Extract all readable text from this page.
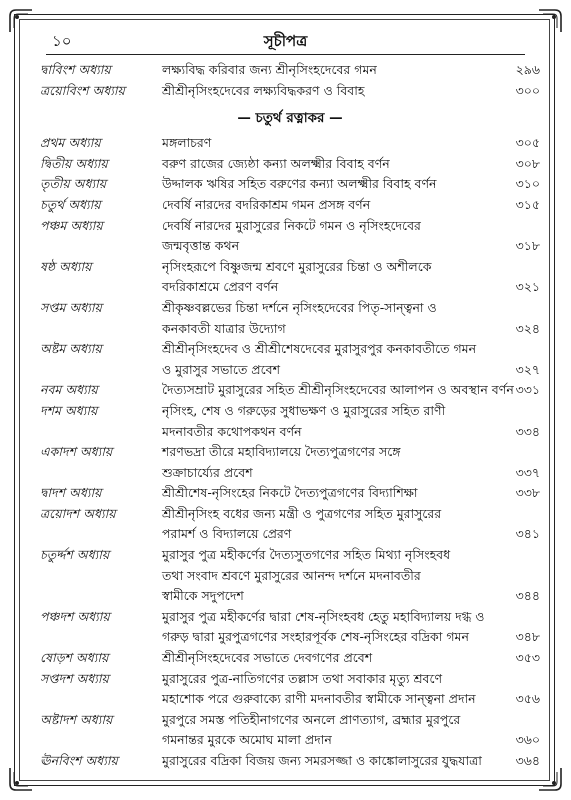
১০	সূচীপত্র
দ্বাবিংশ অধ্যায়	লক্ষ্যবিদ্ধ করিবার জন্য শ্রীনৃসিংহদেবের গমন	২৯৬
ত্রয়োবিংশ অধ্যায়	শ্রীশ্রীনৃসিংহদেবের লক্ষ্যবিদ্ধকরণ ও বিবাহ	৩০০
— চতুর্থ রত্নাকর —
প্রথম অধ্যায়	মঙ্গলাচরণ	৩০৫
দ্বিতীয় অধ্যায়	বরুণ রাজের জ্যেষ্ঠা কন্যা অলক্ষ্মীর বিবাহ বর্ণন	৩০৮
তৃতীয় অধ্যায়	উদ্দালক ঋষির সহিত বরুণের কন্যা অলক্ষ্মীর বিবাহ বর্ণন	৩১০
চতুর্থ অধ্যায়	দেবর্ষি নারদের বদরিকাশ্রম গমন প্রসঙ্গ বর্ণন	৩১৫
পঞ্চম অধ্যায়	দেবর্ষি নারদের মুরাসুরের নিকটে গমন ও নৃসিংহদেবের
জন্মবৃত্তান্ত কথন	৩১৮
ষষ্ঠ অধ্যায়	নৃসিংহরূপে বিষ্ণুজন্ম শ্রবণে মুরাসুরের চিন্তা ও অশীলকে
বদরিকাশ্রমে প্রেরণ বর্ণন	৩২১
সপ্তম অধ্যায়	শ্রীকৃষ্ণবল্লভের চিন্তা দর্শনে নৃসিংহদেবের পিতৃ-সান্ত্বনা ও
কনকাবতী যাত্রার উদ্যোগ	৩২৪
অষ্টম অধ্যায়	শ্রীশ্রীনৃসিংহদেব ও শ্রীশ্রীশেষদেবের মুরাসুরপুর কনকাবতীতে গমন
ও মুরাসুর সভাতে প্রবেশ	৩২৭
নবম অধ্যায়	দৈত্যসম্রাট মুরাসুরের সহিত শ্রীশ্রীনৃসিংহদেবের আলাপন ও অবস্থান বর্ণন ৩৩১
দশম অধ্যায়	নৃসিংহ, শেষ ও গরুড়ের সুধাভক্ষণ ও মুরাসুরের সহিত রাণী
মদনাবতীর কথোপকথন বর্ণন	৩৩৪
একাদশ অধ্যায়	শরণভদ্রা তীরে মহাবিদ্যালয়ে দৈত্যপুত্রগণের সঙ্গে
শুক্রাচার্য্যের প্রবেশ	৩৩৭
দ্বাদশ অধ্যায়	শ্রীশ্রীশেষ-নৃসিংহের নিকটে দৈত্যপুত্রগণের বিদ্যাশিক্ষা	৩৩৮
ত্রয়োদশ অধ্যায়	শ্রীশ্রীনৃসিংহ বধের জন্য মন্ত্রী ও পুত্রগণের সহিত মুরাসুরের
পরামর্শ ও বিদ্যালয়ে প্রেরণ	৩৪১
চতুর্দ্দশ অধ্যায়	মুরাসুর পুত্র মহীকর্ণের দৈত্যসুতগণের সহিত মিথ্যা নৃসিংহবধ
তথা সংবাদ শ্রবণে মুরাসুরের আনন্দ দর্শনে মদনাবতীর
স্বামীকে সদুপদেশ	৩৪৪
পঞ্চদশ অধ্যায়	মুরাসুর পুত্র মহীকর্ণের দ্বারা শেষ-নৃসিংহবধ হেতু মহাবিদ্যালয় দগ্ধ ও
গরুড় দ্বারা মুরপুত্রগণের সংহারপূর্বক শেষ-নৃসিংহের বদ্রিকা গমন	৩৪৮
ষোড়শ অধ্যায়	শ্রীশ্রীনৃসিংহদেবের সভাতে দেবগণের প্রবেশ	৩৫৩
সপ্তদশ অধ্যায়	মুরাসুরের পুত্র-নাতিগণের তল্লাস তথা সবাকার মৃত্যু শ্রবণে
মহাশোক পরে গুরুবাক্যে রাণী মদনাবতীর স্বামীকে সান্ত্বনা প্রদান	৩৫৬
অষ্টাদশ অধ্যায়	মুরপুরে সমস্ত পতিহীনাগণের অনলে প্রাণত্যাগ, ব্রহ্মার মুরপুরে
গমনান্তর মুরকে অমোঘ মালা প্রদান	৩৬০
ঊনবিংশ অধ্যায়	মুরাসুরের বদ্রিকা বিজয় জন্য সমরসজ্জা ও কাঙ্কোলাসুরের যুদ্ধযাত্রা	৩৬৪
